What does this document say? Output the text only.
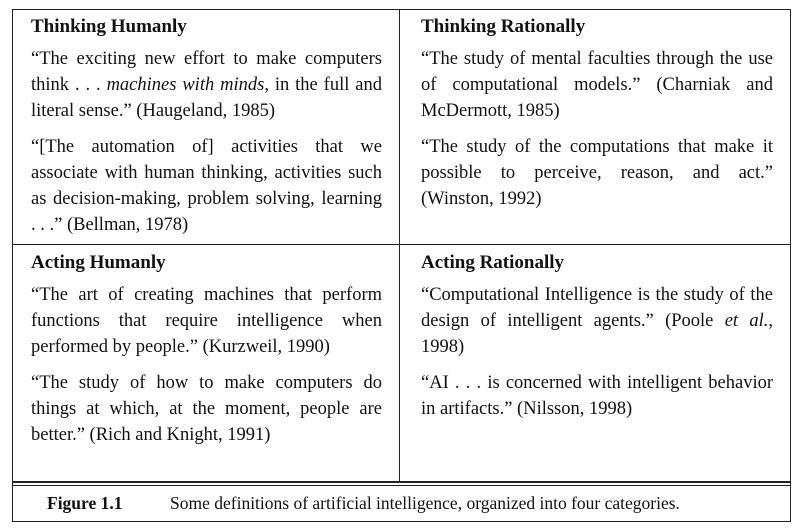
Thinking Humanly

“The exciting new effort to make computers think . . . machines with minds, in the full and literal sense.” (Haugeland, 1985)

“[The automation of] activities that we associate with human thinking, activities such as decision-making, problem solving, learning . . .” (Bellman, 1978)

Thinking Rationally

“The study of mental faculties through the use of computational models.” (Charniak and McDermott, 1985)

“The study of the computations that make it possible to perceive, reason, and act.” (Winston, 1992)

Acting Humanly

“The art of creating machines that perform functions that require intelligence when performed by people.” (Kurzweil, 1990)

“The study of how to make computers do things at which, at the moment, people are better.” (Rich and Knight, 1991)

Acting Rationally

“Computational Intelligence is the study of the design of intelligent agents.” (Poole et al., 1998)

“AI . . . is concerned with intelligent behavior in artifacts.” (Nilsson, 1998)

Figure 1.1	Some definitions of artificial intelligence, organized into four categories.
